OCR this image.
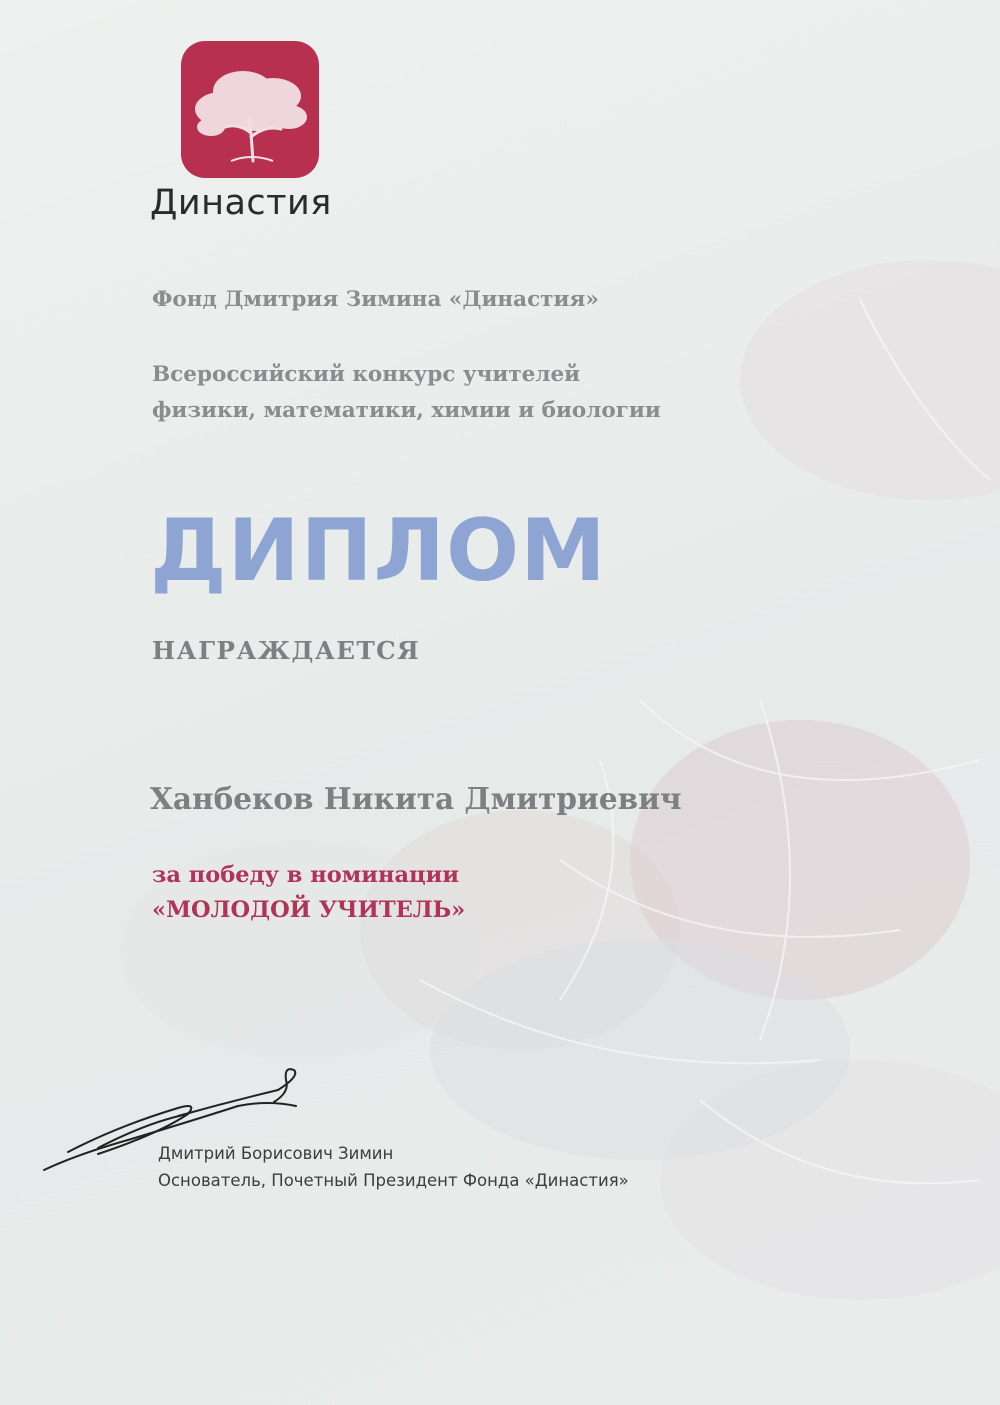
Династия
Фонд Дмитрия Зимина «Династия»
Всероссийский конкурс учителей
физики, математики, химии и биологии
ДИПЛОМ
НАГРАЖДАЕТСЯ
Ханбеков Никита Дмитриевич
за победу в номинации
«МОЛОДОЙ УЧИТЕЛЬ»
Дмитрий Борисович Зимин
Основатель, Почетный Президент Фонда «Династия»
